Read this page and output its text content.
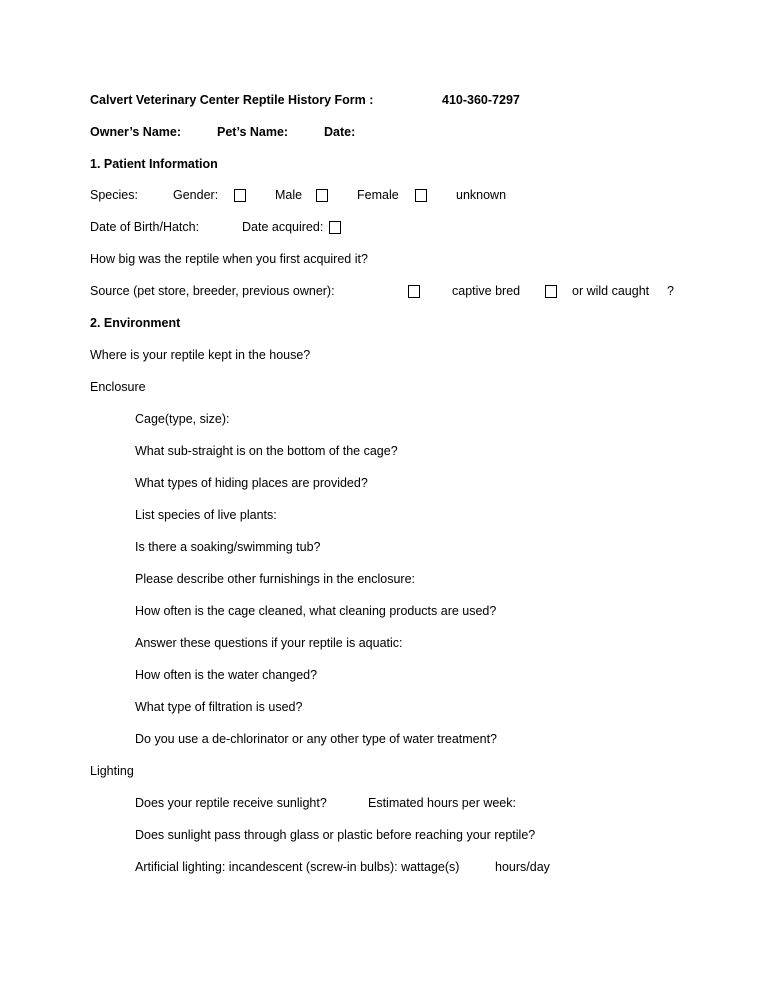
Calvert Veterinary Center Reptile History Form :	410-360-7297
Owner’s Name:	Pet’s Name:	Date:
1. Patient Information
Species:	Gender:	Male	Female	unknown
Date of Birth/Hatch:	Date acquired:
How big was the reptile when you first acquired it?
Source (pet store, breeder, previous owner):	captive bred	or wild caught ?
2. Environment
Where is your reptile kept in the house?
Enclosure
Cage(type, size):
What sub-straight is on the bottom of the cage?
What types of hiding places are provided?
List species of live plants:
Is there a soaking/swimming tub?
Please describe other furnishings in the enclosure:
How often is the cage cleaned, what cleaning products are used?
Answer these questions if your reptile is aquatic:
How often is the water changed?
What type of filtration is used?
Do you use a de-chlorinator or any other type of water treatment?
Lighting
Does your reptile receive sunlight?	Estimated hours per week:
Does sunlight pass through glass or plastic before reaching your reptile?
Artificial lighting: incandescent (screw-in bulbs): wattage(s)	hours/day
